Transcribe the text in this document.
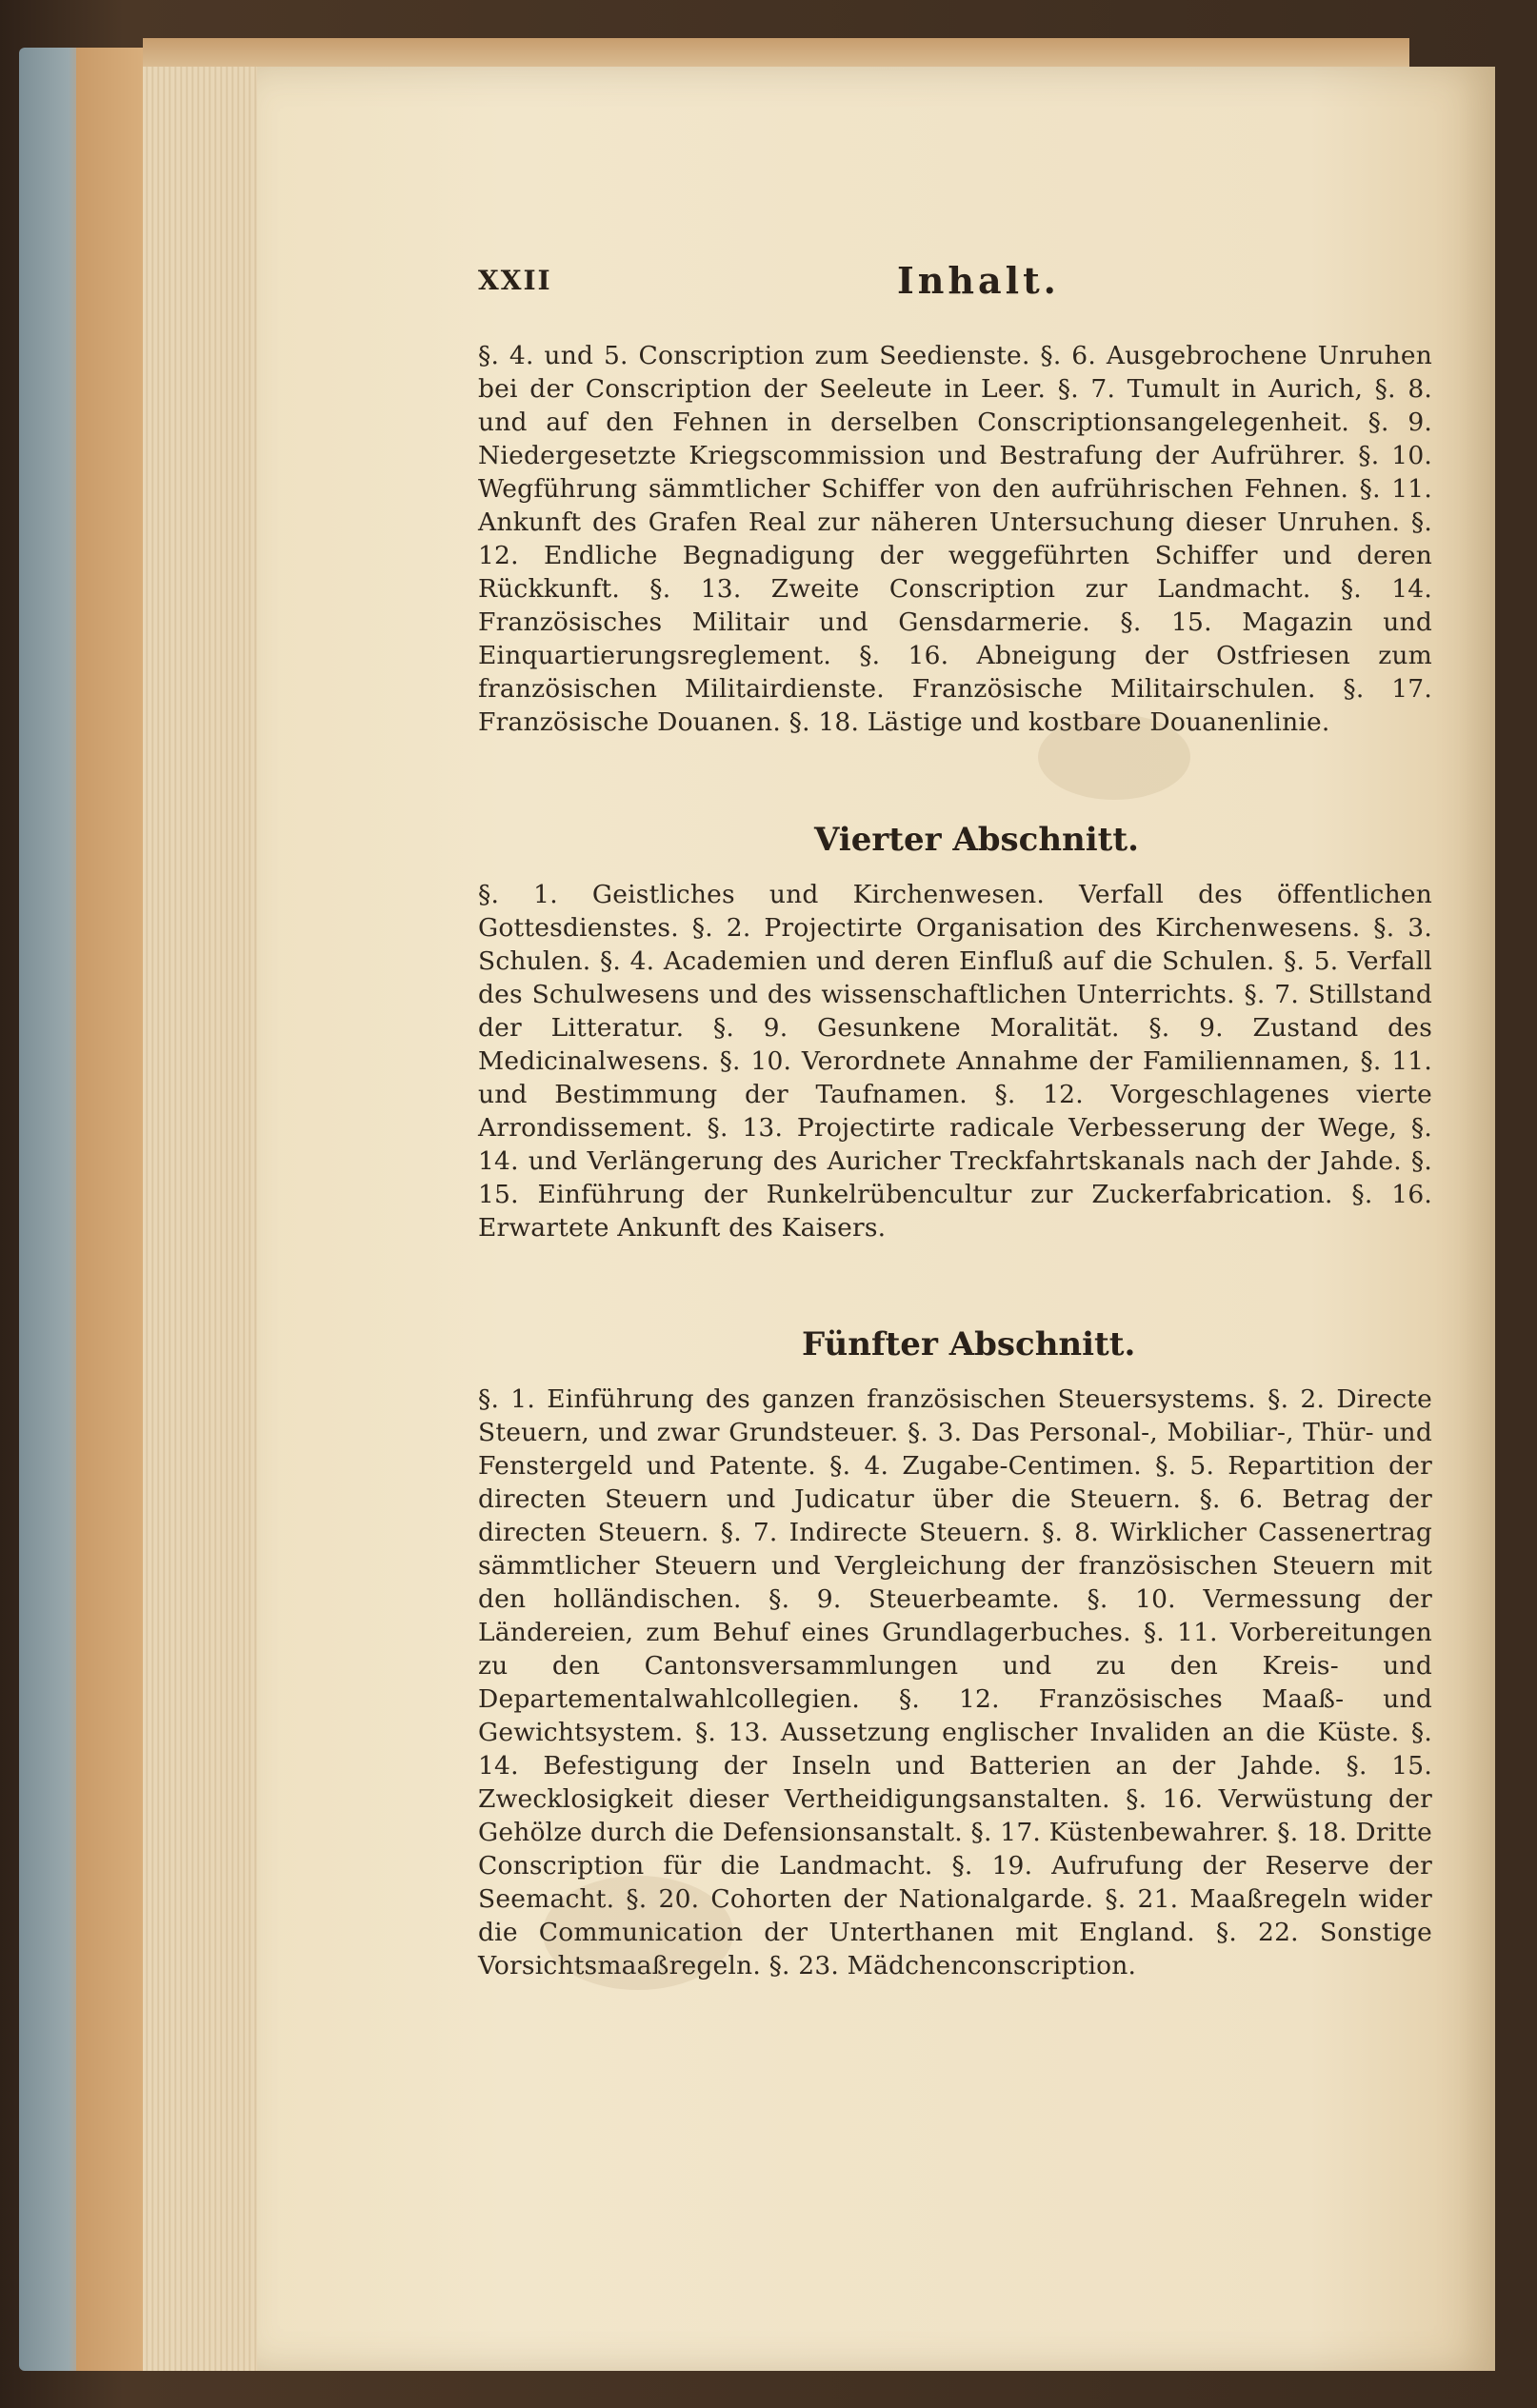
XXII	Inhalt.
§. 4. und 5. Conscription zum Seedienste. §. 6. Ausgebrochene Unruhen bei der Conscription der Seeleute in Leer. §. 7. Tumult in Aurich, §. 8. und auf den Fehnen in derselben Conscriptionsangelegenheit. §. 9. Niedergesetzte Kriegscommission und Bestrafung der Aufrührer. §. 10. Wegführung sämmtlicher Schiffer von den aufrührischen Fehnen. §. 11. Ankunft des Grafen Real zur näheren Untersuchung dieser Unruhen. §. 12. Endliche Begnadigung der weggeführten Schiffer und deren Rückkunft. §. 13. Zweite Conscription zur Landmacht. §. 14. Französisches Militair und Gensdarmerie. §. 15. Magazin und Einquartierungsreglement. §. 16. Abneigung der Ostfriesen zum französischen Militairdienste. Französische Militairschulen. §. 17. Französische Douanen. §. 18. Lästige und kostbare Douanenlinie.
Vierter Abschnitt.
§. 1. Geistliches und Kirchenwesen. Verfall des öffentlichen Gottesdienstes. §. 2. Projectirte Organisation des Kirchenwesens. §. 3. Schulen. §. 4. Academien und deren Einfluß auf die Schulen. §. 5. Verfall des Schulwesens und des wissenschaftlichen Unterrichts. §. 7. Stillstand der Litteratur. §. 9. Gesunkene Moralität. §. 9. Zustand des Medicinalwesens. §. 10. Verordnete Annahme der Familiennamen, §. 11. und Bestimmung der Taufnamen. §. 12. Vorgeschlagenes vierte Arrondissement. §. 13. Projectirte radicale Verbesserung der Wege, §. 14. und Verlängerung des Auricher Treckfahrtskanals nach der Jahde. §. 15. Einführung der Runkelrübencultur zur Zuckerfabrication. §. 16. Erwartete Ankunft des Kaisers.
Fünfter Abschnitt.
§. 1. Einführung des ganzen französischen Steuersystems. §. 2. Directe Steuern, und zwar Grundsteuer. §. 3. Das Personal-, Mobiliar-, Thür- und Fenstergeld und Patente. §. 4. Zugabe-Centimen. §. 5. Repartition der directen Steuern und Judicatur über die Steuern. §. 6. Betrag der directen Steuern. §. 7. Indirecte Steuern. §. 8. Wirklicher Cassenertrag sämmtlicher Steuern und Vergleichung der französischen Steuern mit den holländischen. §. 9. Steuerbeamte. §. 10. Vermessung der Ländereien, zum Behuf eines Grundlagerbuches. §. 11. Vorbereitungen zu den Cantonsversammlungen und zu den Kreis- und Departementalwahlcollegien. §. 12. Französisches Maaß- und Gewichtsystem. §. 13. Aussetzung englischer Invaliden an die Küste. §. 14. Befestigung der Inseln und Batterien an der Jahde. §. 15. Zwecklosigkeit dieser Vertheidigungsanstalten. §. 16. Verwüstung der Gehölze durch die Defensionsanstalt. §. 17. Küstenbewahrer. §. 18. Dritte Conscription für die Landmacht. §. 19. Aufrufung der Reserve der Seemacht. §. 20. Cohorten der Nationalgarde. §. 21. Maaßregeln wider die Communication der Unterthanen mit England. §. 22. Sonstige Vorsichtsmaaßregeln. §. 23. Mädchenconscription.
